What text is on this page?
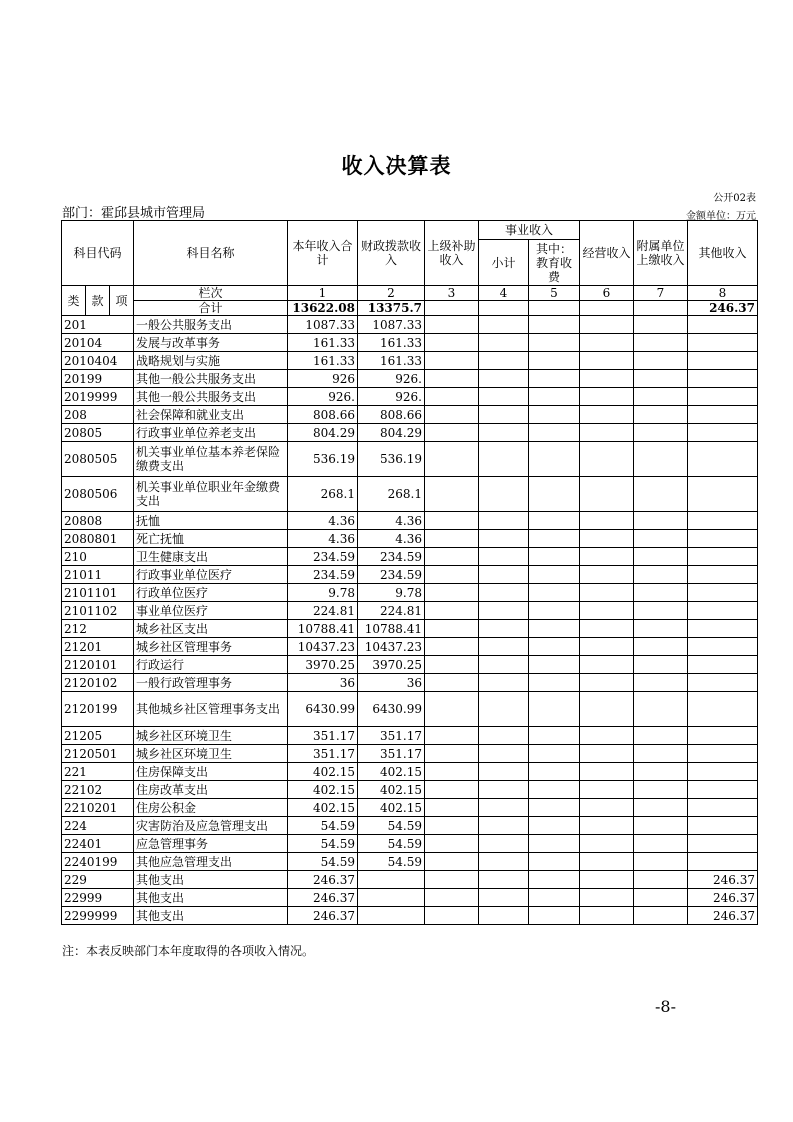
收入决算表
公开02表
部门：霍邱县城市管理局	金额单位：万元
科目代码			科目名称	本年收入合计	财政拨款收入	上级补助收入	事业收入		经营收入	附属单位上缴收入	其他收入
							小计	其中：教育收费			

类	款	项	栏次	1	2	3	4	5	6	7	8
			合计	13622.08	13375.7						246.37
201			一般公共服务支出	1087.33	1087.33						
20104			发展与改革事务	161.33	161.33						
2010404			战略规划与实施	161.33	161.33						
20199			其他一般公共服务支出	926	926.						
2019999			其他一般公共服务支出	926.	926.						
208			社会保障和就业支出	808.66	808.66						
20805			行政事业单位养老支出	804.29	804.29						
2080505			机关事业单位基本养老保险缴费支出	536.19	536.19						
2080506			机关事业单位职业年金缴费支出	268.1	268.1						
20808			抚恤	4.36	4.36						
2080801			死亡抚恤	4.36	4.36						
210			卫生健康支出	234.59	234.59						
21011			行政事业单位医疗	234.59	234.59						
2101101			行政单位医疗	9.78	9.78						
2101102			事业单位医疗	224.81	224.81						
212			城乡社区支出	10788.41	10788.41						
21201			城乡社区管理事务	10437.23	10437.23						
2120101			行政运行	3970.25	3970.25						
2120102			一般行政管理事务	36	36						
2120199			其他城乡社区管理事务支出	6430.99	6430.99						
21205			城乡社区环境卫生	351.17	351.17						
2120501			城乡社区环境卫生	351.17	351.17						
221			住房保障支出	402.15	402.15						
22102			住房改革支出	402.15	402.15						
2210201			住房公积金	402.15	402.15						
224			灾害防治及应急管理支出	54.59	54.59						
22401			应急管理事务	54.59	54.59						
2240199			其他应急管理支出	54.59	54.59						
229			其他支出	246.37							246.37
22999			其他支出	246.37							246.37
2299999			其他支出	246.37							246.37
注：本表反映部门本年度取得的各项收入情况。
-8-
